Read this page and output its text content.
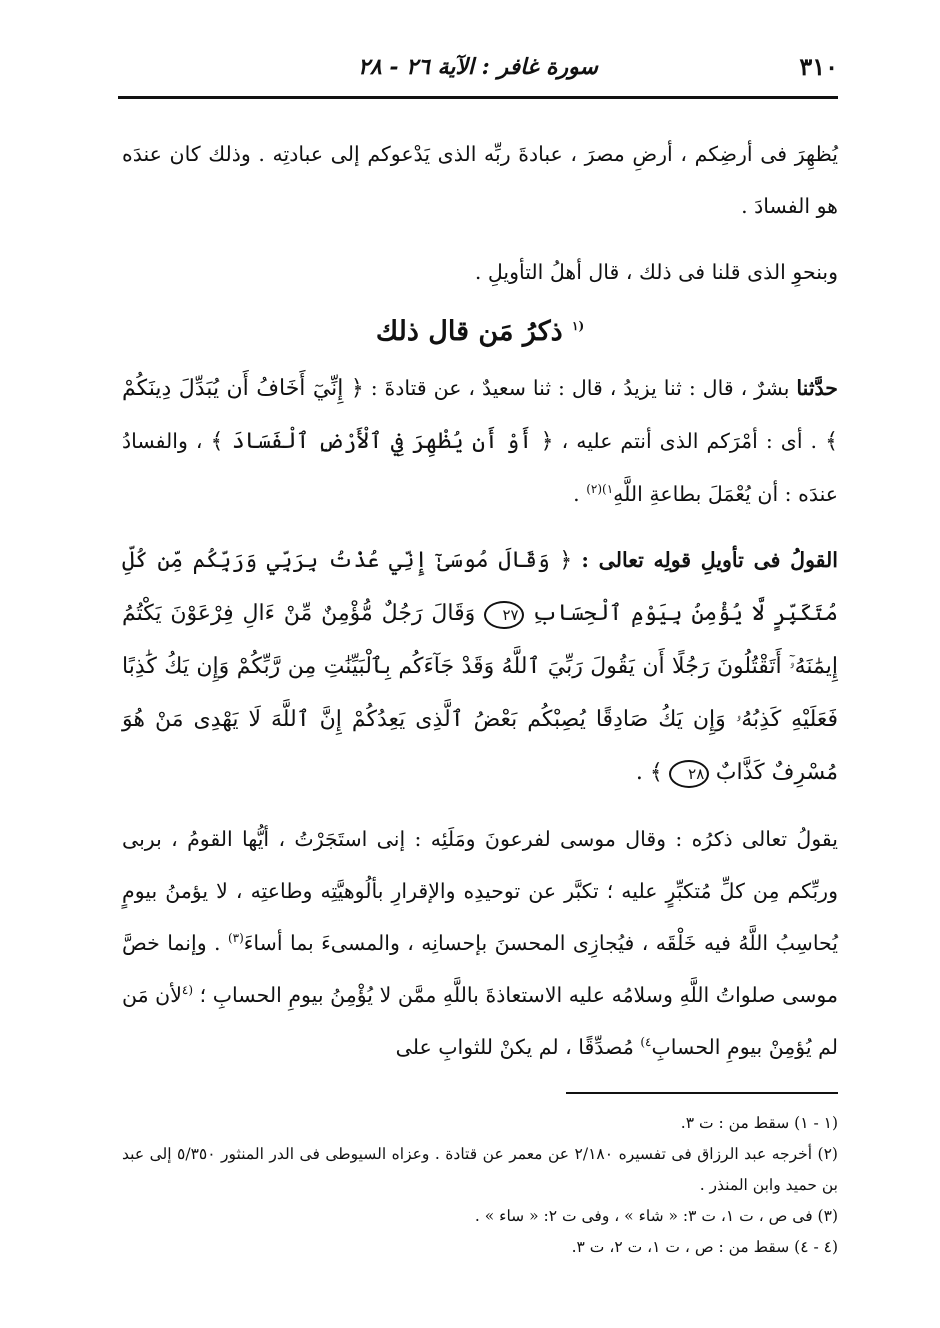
٣١٠
سورة غافر : الآية ٢٦ - ٢٨

يُظهِرَ فى أرضِكم ، أرضِ مصرَ ، عبادةَ ربِّه الذى يَدْعوكم إلى عبادتِه . وذلك كان عندَه هو الفسادَ .

وبنحوِ الذى قلنا فى ذلك ، قال أهلُ التأويلِ .

$^{(١}$ ذكرُ مَن قال ذلك

حدَّثنا بشرٌ ، قال : ثنا يزيدُ ، قال : ثنا سعيدٌ ، عن قتادةَ : ﴿ إِنِّيٓ أَخَافُ أَن يُبَدِّلَ دِينَكُمْ ﴾ . أى : أمْرَكم الذى أنتم عليه ، ﴿ أَوْ أَن يُظْهِرَ فِي ٱلْأَرْضِ ٱلْفَسَادَ ﴾ ، والفسادُ عندَه : أن يُعْمَلَ بطاعةِ اللَّهِ$^{١)(٢)}$ .

القولُ فى تأويلِ قولِه تعالى : ﴿ وَقَالَ مُوسَىٰٓ إِنِّي عُذْتُ بِرَبِّي وَرَبِّكُم مِّن كُلِّ مُتَكَبِّرٍ لَّا يُؤْمِنُ بِيَوْمِ ٱلْحِسَابِ ٢٧ وَقَالَ رَجُلٌ مُّؤْمِنٌ مِّنْ ءَالِ فِرْعَوْنَ يَكْتُمُ إِيمَٰنَهُۥٓ أَتَقْتُلُونَ رَجُلًا أَن يَقُولَ رَبِّيَ ٱللَّهُ وَقَدْ جَآءَكُم بِٱلْبَيِّنَٰتِ مِن رَّبِّكُمْ وَإِن يَكُ كَٰذِبًا فَعَلَيْهِ كَذِبُهُۥ وَإِن يَكُ صَادِقًا يُصِبْكُم بَعْضُ ٱلَّذِى يَعِدُكُمْ إِنَّ ٱللَّهَ لَا يَهْدِى مَنْ هُوَ مُسْرِفٌ كَذَّابٌ ٢٨ ﴾ .

يقولُ تعالى ذكرُه : وقال موسى لفرعونَ ومَلَئِه : إنى استَجَرْتُ ، أيُّها القومُ ، بربى وربِّكم مِن كلِّ مُتكبِّرٍ عليه ؛ تكبَّر عن توحيدِه والإقرارِ بألُوهيَّتِه وطاعتِه ، لا يؤمنُ بيومٍ يُحاسِبُ اللَّهُ فيه خَلْقَه ، فيُجازِى المحسنَ بإحسانِه ، والمسىءَ بما أساءَ$^{(٣)}$ . وإنما خصَّ موسى صلواتُ اللَّهِ وسلامُه عليه الاستعاذةَ باللَّهِ ممَّن لا يُؤْمِنُ بيومِ الحسابِ ؛ $^{(٤}$لأن مَن لم يُؤمِنْ بيومِ الحسابِ$^{٤)}$ مُصدِّقًا ، لم يكنْ للثوابِ على

(١ - ١) سقط من : ت ٣.

(٢) أخرجه عبد الرزاق فى تفسيره ٢/١٨٠ عن معمر عن قتادة . وعزاه السيوطى فى الدر المنثور ٥/٣٥٠ إلى عبد بن حميد وابن المنذر .

(٣) فى ص ، ت ١، ت ٣: « شاء » ، وفى ت ٢: « ساء » .

(٤ - ٤) سقط من : ص ، ت ١، ت ٢، ت ٣.
